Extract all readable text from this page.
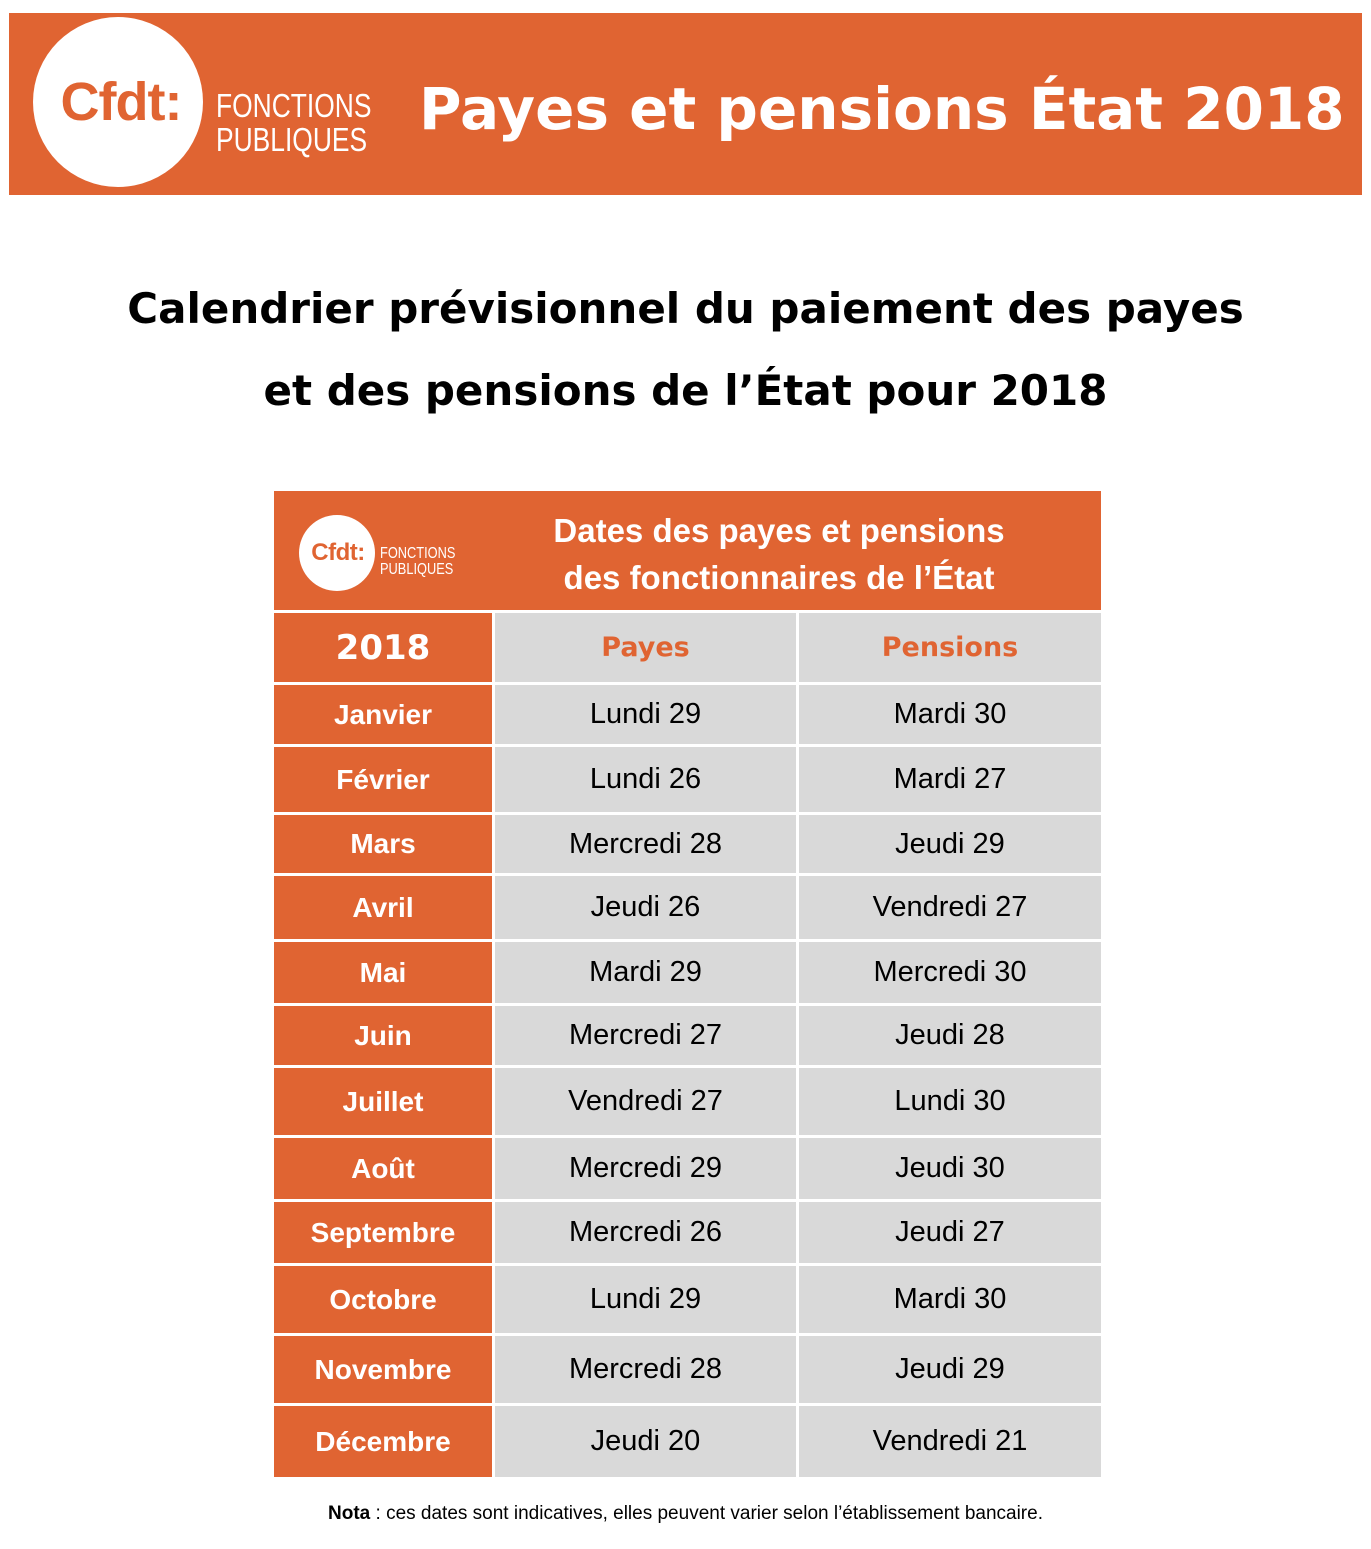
Cfdt: FONCTIONS
PUBLIQUES Payes et pensions État 2018
Calendrier prévisionnel du paiement des payes
et des pensions de l’État pour 2018
Cfdt: FONCTIONS
PUBLIQUES
Dates des payes et pensions
des fonctionnaires de l’État
2018	Payes	Pensions
Janvier	Lundi 29	Mardi 30
Février	Lundi 26	Mardi 27
Mars	Mercredi 28	Jeudi 29
Avril	Jeudi 26	Vendredi 27
Mai	Mardi 29	Mercredi 30
Juin	Mercredi 27	Jeudi 28
Juillet	Vendredi 27	Lundi 30
Août	Mercredi 29	Jeudi 30
Septembre	Mercredi 26	Jeudi 27
Octobre	Lundi 29	Mardi 30
Novembre	Mercredi 28	Jeudi 29
Décembre	Jeudi 20	Vendredi 21
Nota : ces dates sont indicatives, elles peuvent varier selon l’établissement bancaire.
